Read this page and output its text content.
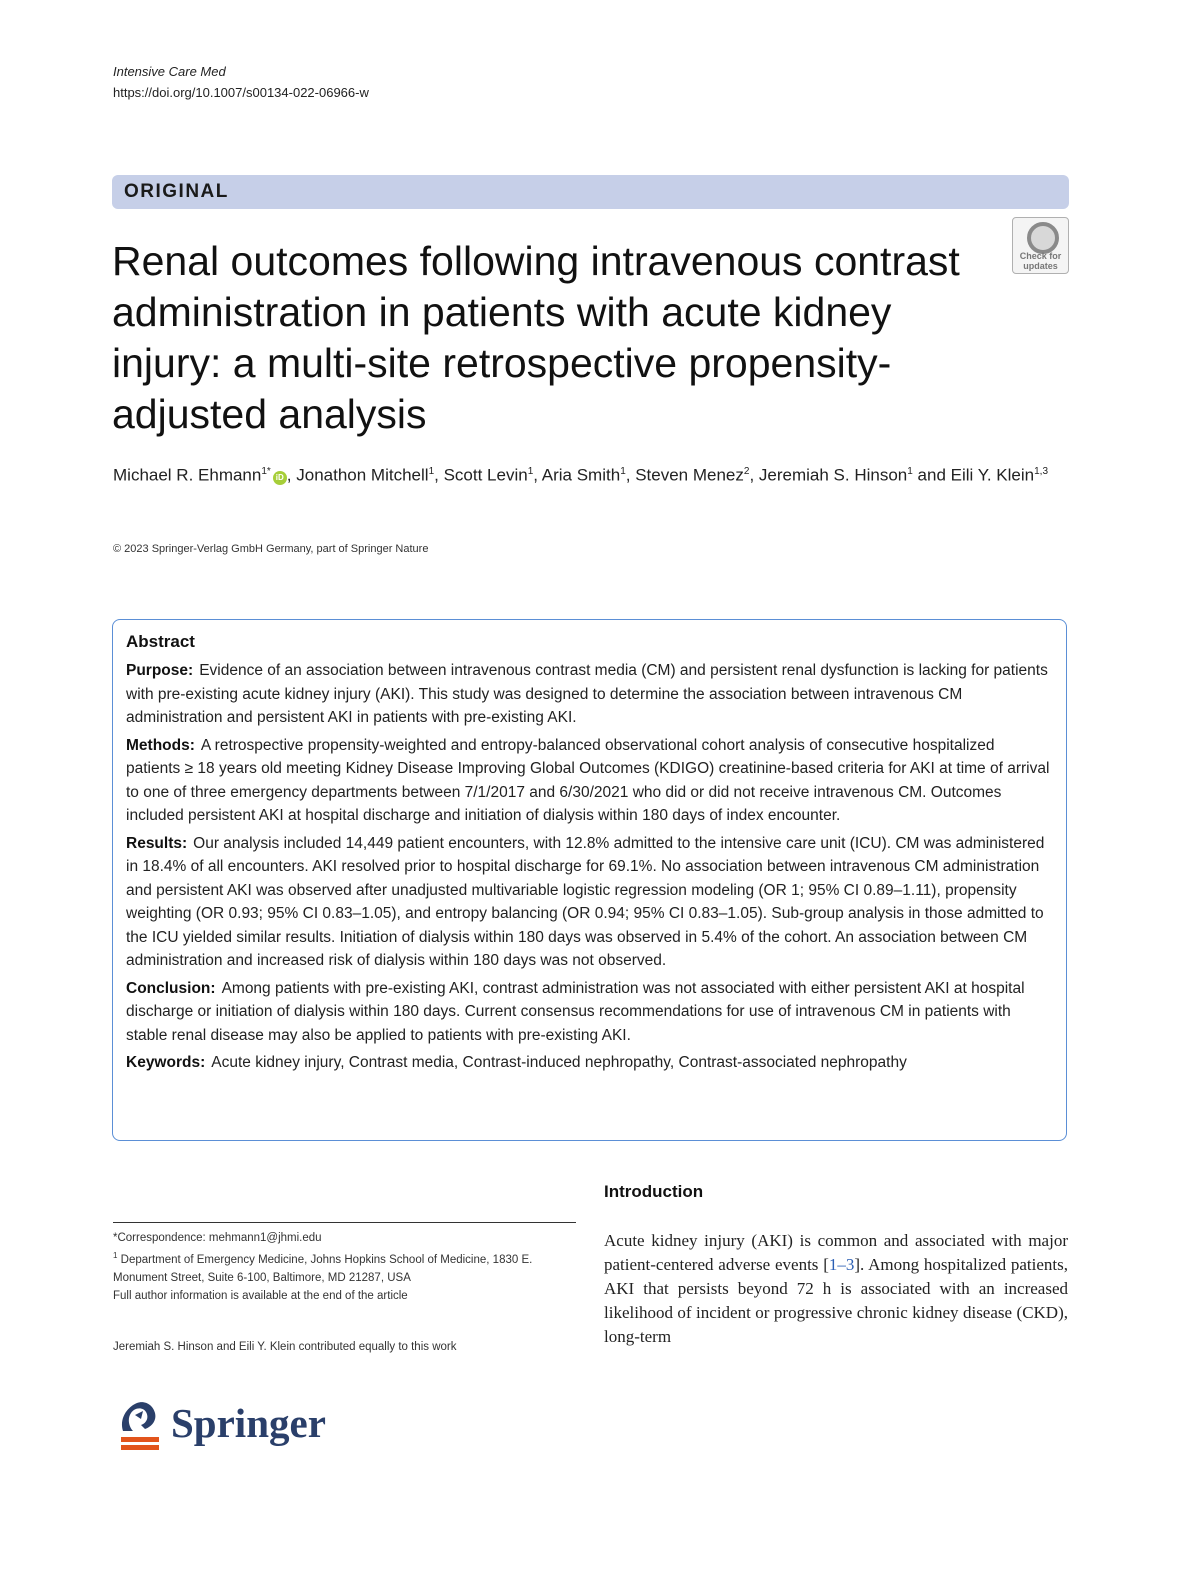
Intensive Care Med
https://doi.org/10.1007/s00134-022-06966-w
ORIGINAL
Check for
updates
Renal outcomes following intravenous contrast administration in patients with acute kidney injury: a multi-site retrospective propensity-adjusted analysis
Michael R. Ehmann$^{1*}$iD , Jonathon Mitchell$^1$, Scott Levin$^1$, Aria Smith$^1$, Steven Menez$^2$, Jeremiah S. Hinson$^1$ and Eili Y. Klein$^{1,3}$
© 2023 Springer-Verlag GmbH Germany, part of Springer Nature
Abstract

Purpose: Evidence of an association between intravenous contrast media (CM) and persistent renal dysfunction is lacking for patients with pre-existing acute kidney injury (AKI). This study was designed to determine the association between intravenous CM administration and persistent AKI in patients with pre-existing AKI.

Methods: A retrospective propensity-weighted and entropy-balanced observational cohort analysis of consecutive hospitalized patients ≥ 18 years old meeting Kidney Disease Improving Global Outcomes (KDIGO) creatinine-based criteria for AKI at time of arrival to one of three emergency departments between 7/1/2017 and 6/30/2021 who did or did not receive intravenous CM. Outcomes included persistent AKI at hospital discharge and initiation of dialysis within 180 days of index encounter.

Results: Our analysis included 14,449 patient encounters, with 12.8% admitted to the intensive care unit (ICU). CM was administered in 18.4% of all encounters. AKI resolved prior to hospital discharge for 69.1%. No association between intravenous CM administration and persistent AKI was observed after unadjusted multivariable logistic regression modeling (OR 1; 95% CI 0.89–1.11), propensity weighting (OR 0.93; 95% CI 0.83–1.05), and entropy balancing (OR 0.94; 95% CI 0.83–1.05). Sub-group analysis in those admitted to the ICU yielded similar results. Initiation of dialysis within 180 days was observed in 5.4% of the cohort. An association between CM administration and increased risk of dialysis within 180 days was not observed.

Conclusion: Among patients with pre-existing AKI, contrast administration was not associated with either persistent AKI at hospital discharge or initiation of dialysis within 180 days. Current consensus recommendations for use of intravenous CM in patients with stable renal disease may also be applied to patients with pre-existing AKI.

Keywords: Acute kidney injury, Contrast media, Contrast-induced nephropathy, Contrast-associated nephropathy

Introduction

Acute kidney injury (AKI) is common and associated with major patient-centered adverse events [1–3]. Among hospitalized patients, AKI that persists beyond 72 h is associated with an increased likelihood of incident or progressive chronic kidney disease (CKD), long-term

*Correspondence: mehmann1@jhmi.edu

$^1$ Department of Emergency Medicine, Johns Hopkins School of Medicine, 1830 E. Monument Street, Suite 6-100, Baltimore, MD 21287, USA

Full author information is available at the end of the article

Jeremiah S. Hinson and Eili Y. Klein contributed equally to this work
Springer
